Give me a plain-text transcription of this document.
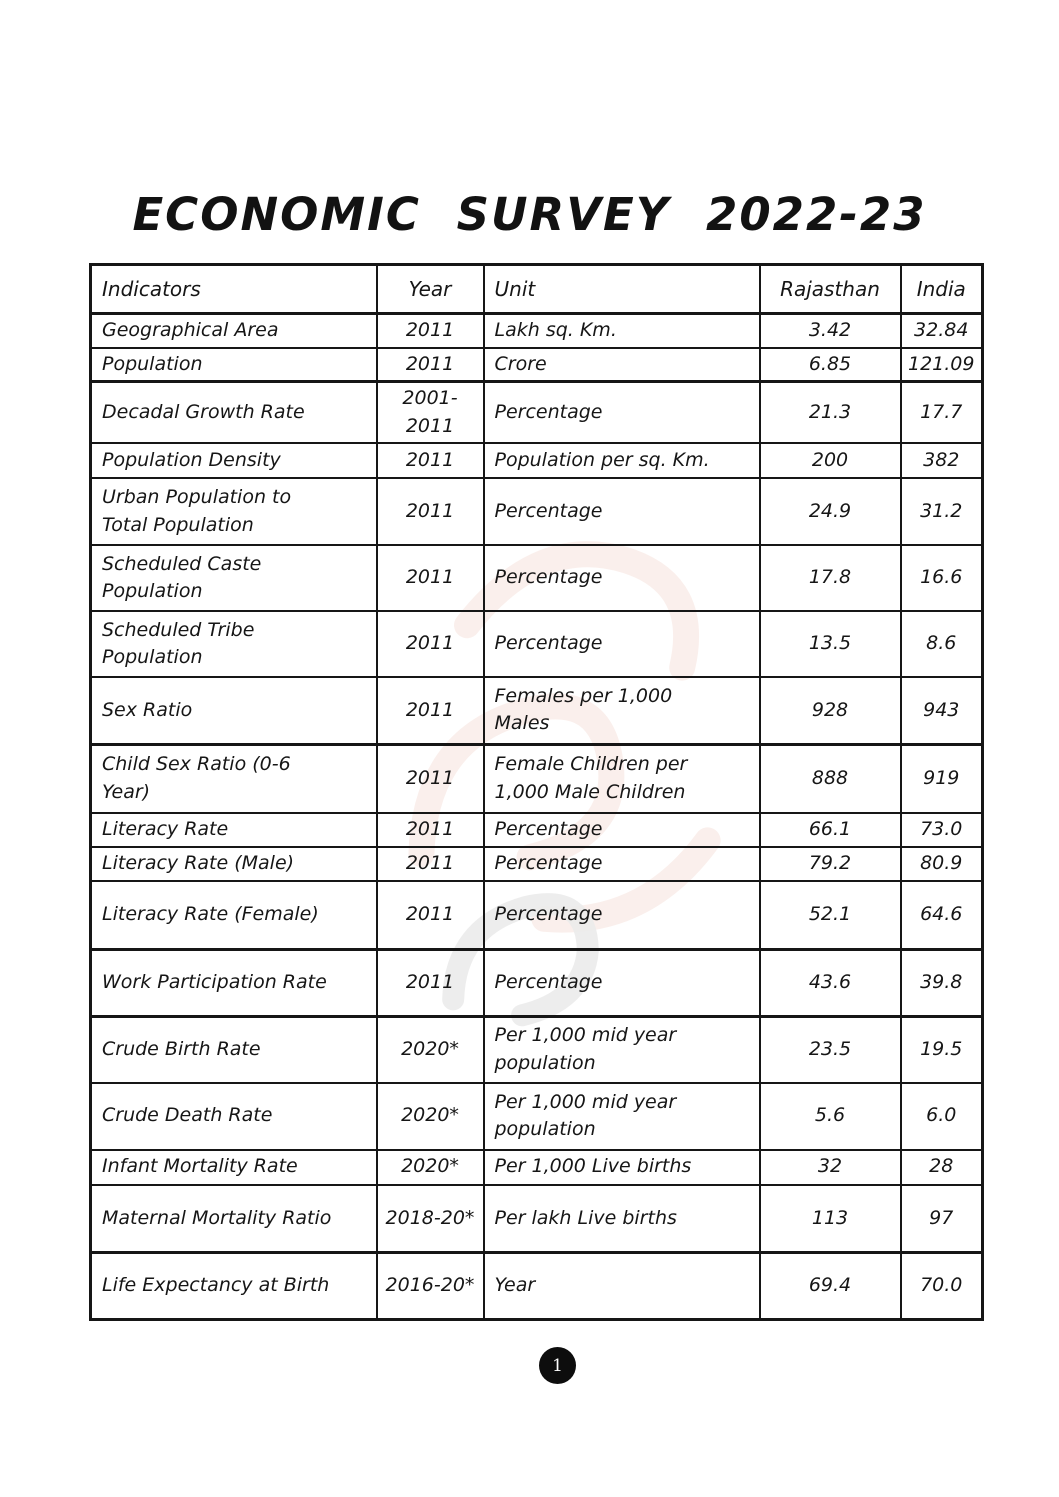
ECONOMIC SURVEY 2022-23
Indicators	Year	Unit	Rajasthan	India
Geographical Area	2011	Lakh sq. Km.	3.42	32.84
Population	2011	Crore	6.85	121.09
Decadal Growth Rate	2001-2011	Percentage	21.3	17.7
Population Density	2011	Population per sq. Km.	200	382
Urban Population to Total Population	2011	Percentage	24.9	31.2
Scheduled Caste Population	2011	Percentage	17.8	16.6
Scheduled Tribe Population	2011	Percentage	13.5	8.6
Sex Ratio	2011	Females per 1,000 Males	928	943
Child Sex Ratio (0-6 Year)	2011	Female Children per 1,000 Male Children	888	919
Literacy Rate	2011	Percentage	66.1	73.0
Literacy Rate (Male)	2011	Percentage	79.2	80.9
Literacy Rate (Female)	2011	Percentage	52.1	64.6
Work Participation Rate	2011	Percentage	43.6	39.8
Crude Birth Rate	2020*	Per 1,000 mid year population	23.5	19.5
Crude Death Rate	2020*	Per 1,000 mid year population	5.6	6.0
Infant Mortality Rate	2020*	Per 1,000 Live births	32	28
Maternal Mortality Ratio	2018-20*	Per lakh Live births	113	97
Life Expectancy at Birth	2016-20*	Year	69.4	70.0
1
